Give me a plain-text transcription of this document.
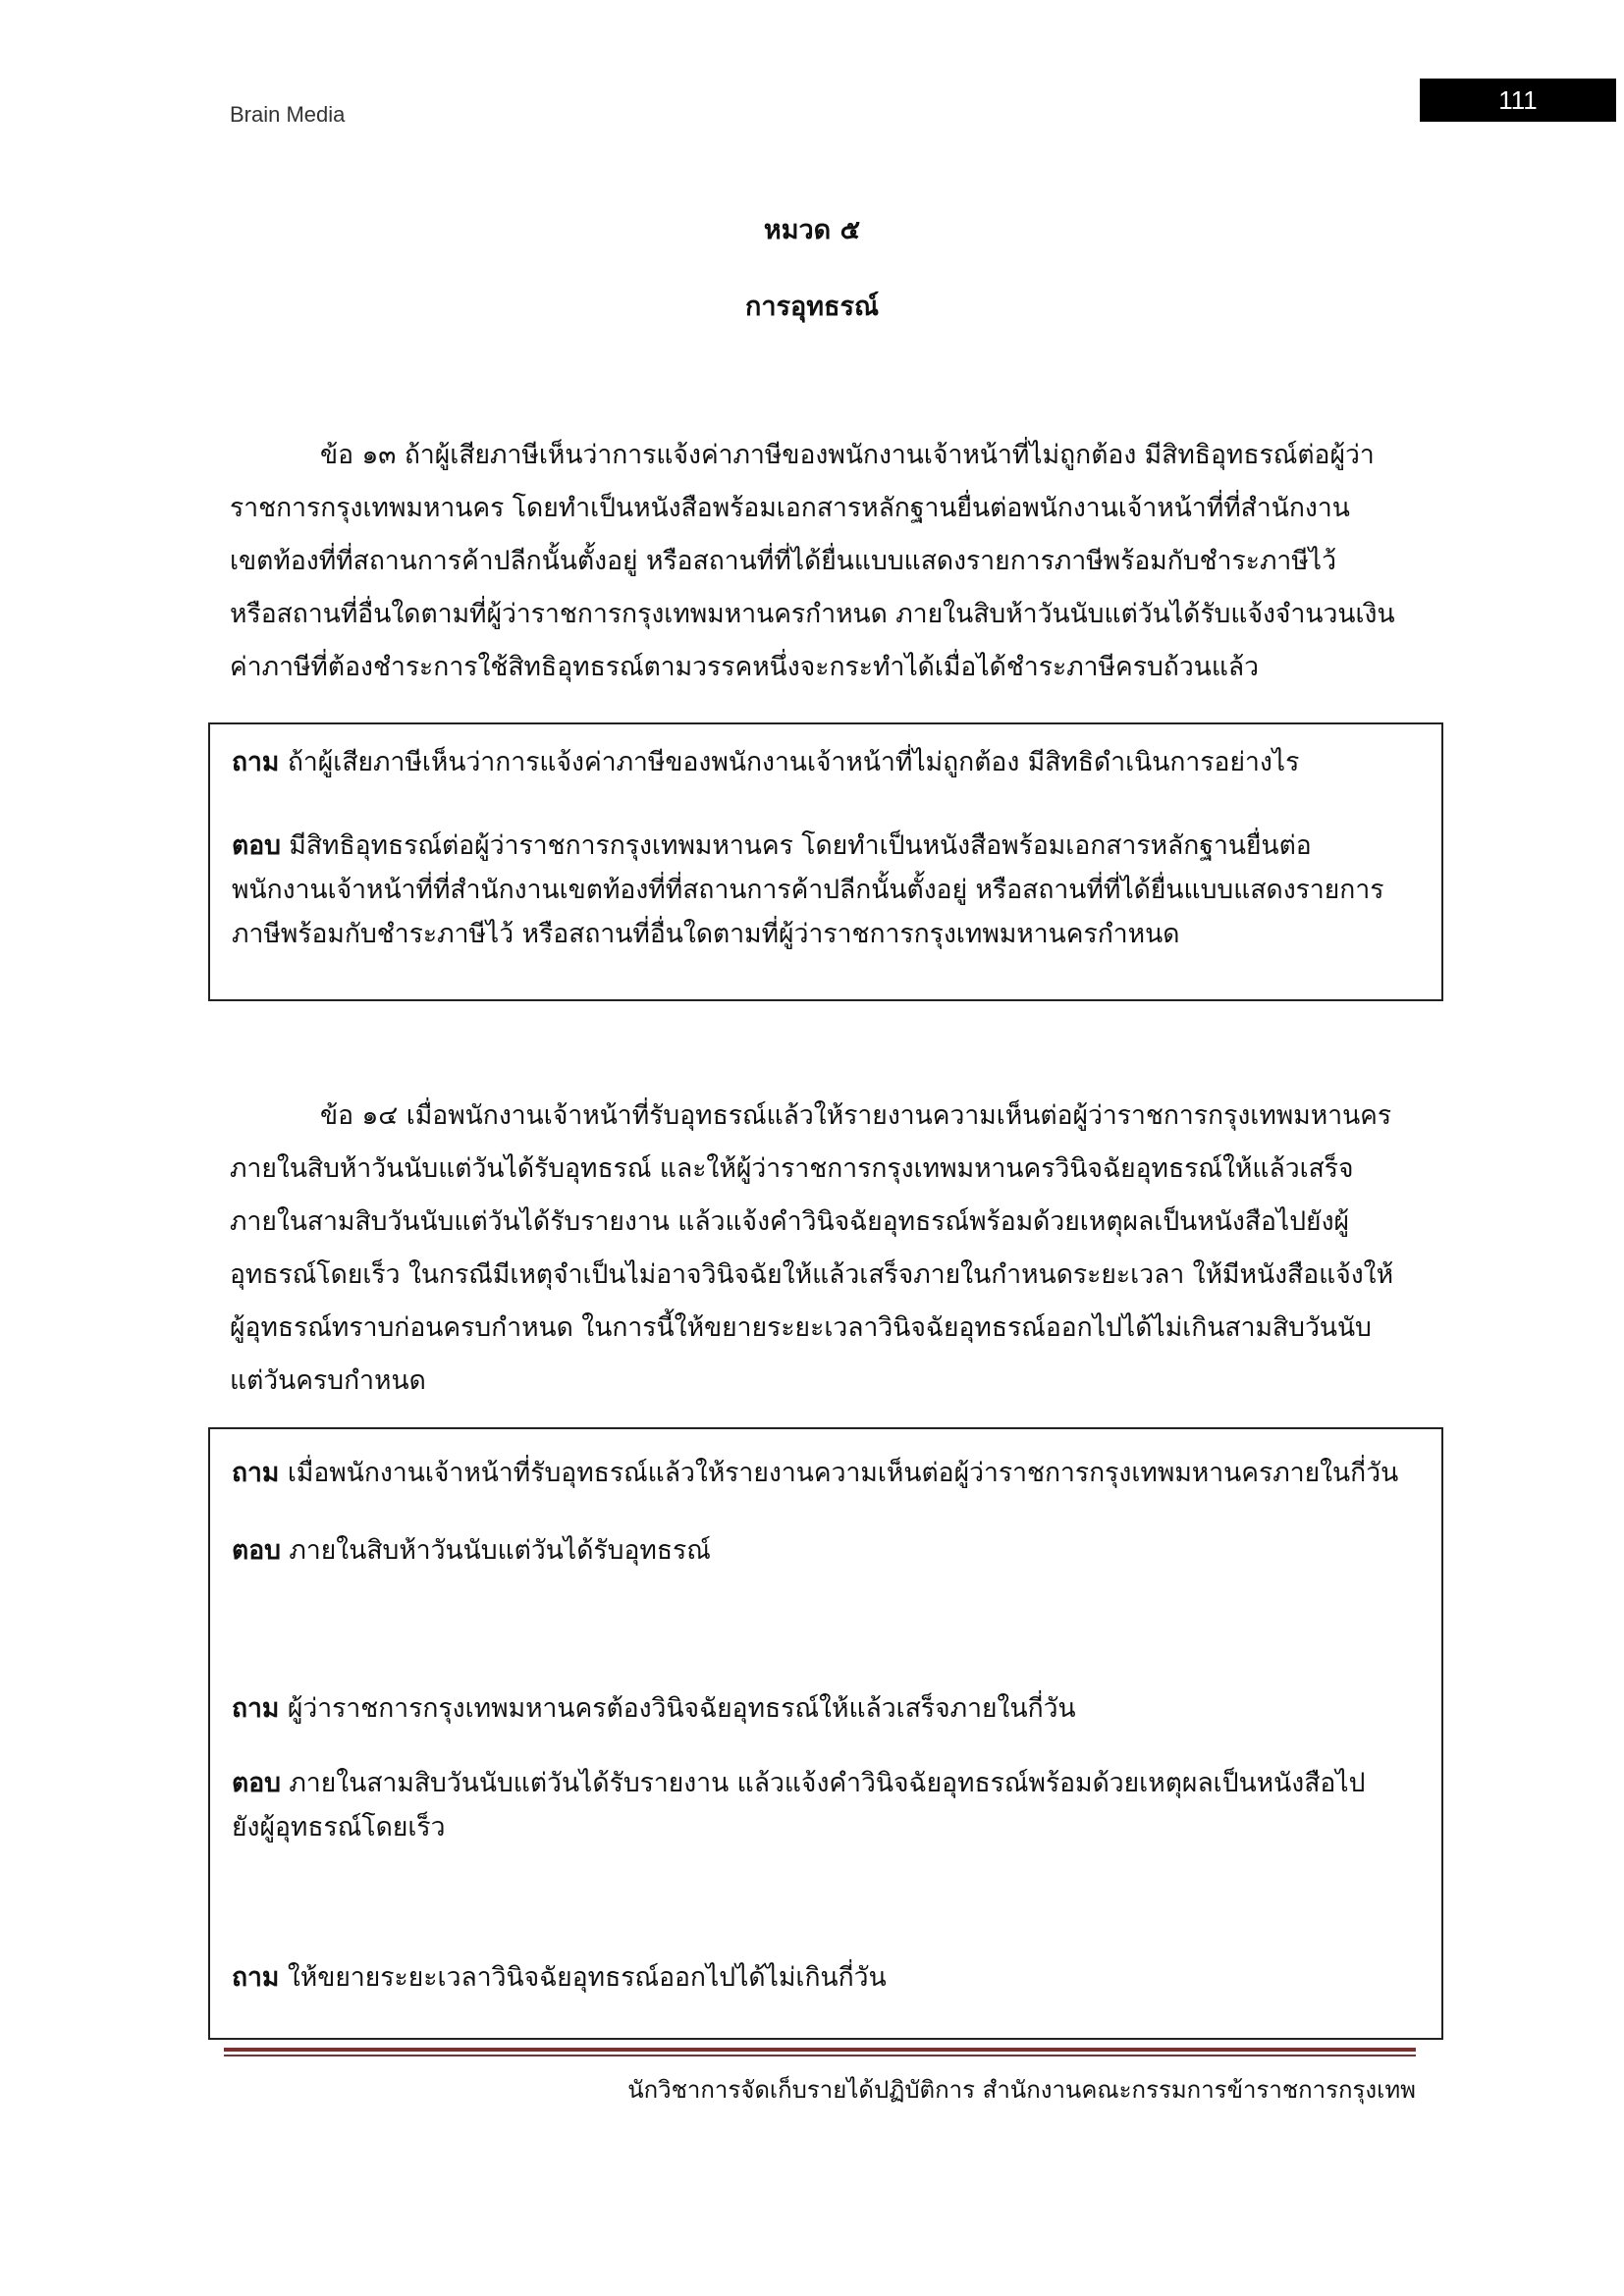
Brain Media	111
หมวด ๕
การอุทธรณ์
ข้อ ๑๓ ถ้าผู้เสียภาษีเห็นว่าการแจ้งค่าภาษีของพนักงานเจ้าหน้าที่ไม่ถูกต้อง มีสิทธิอุทธรณ์ต่อผู้ว่า
ราชการกรุงเทพมหานคร โดยทำเป็นหนังสือพร้อมเอกสารหลักฐานยื่นต่อพนักงานเจ้าหน้าที่ที่สำนักงาน
เขตท้องที่ที่สถานการค้าปลีกนั้นตั้งอยู่ หรือสถานที่ที่ได้ยื่นแบบแสดงรายการภาษีพร้อมกับชำระภาษีไว้
หรือสถานที่อื่นใดตามที่ผู้ว่าราชการกรุงเทพมหานครกำหนด ภายในสิบห้าวันนับแต่วันได้รับแจ้งจำนวนเงิน
ค่าภาษีที่ต้องชำระการใช้สิทธิอุทธรณ์ตามวรรคหนึ่งจะกระทำได้เมื่อได้ชำระภาษีครบถ้วนแล้ว
ถาม ถ้าผู้เสียภาษีเห็นว่าการแจ้งค่าภาษีของพนักงานเจ้าหน้าที่ไม่ถูกต้อง มีสิทธิดำเนินการอย่างไร
ตอบ มีสิทธิอุทธรณ์ต่อผู้ว่าราชการกรุงเทพมหานคร โดยทำเป็นหนังสือพร้อมเอกสารหลักฐานยื่นต่อ
พนักงานเจ้าหน้าที่ที่สำนักงานเขตท้องที่ที่สถานการค้าปลีกนั้นตั้งอยู่ หรือสถานที่ที่ได้ยื่นแบบแสดงรายการ
ภาษีพร้อมกับชำระภาษีไว้ หรือสถานที่อื่นใดตามที่ผู้ว่าราชการกรุงเทพมหานครกำหนด
ข้อ ๑๔ เมื่อพนักงานเจ้าหน้าที่รับอุทธรณ์แล้วให้รายงานความเห็นต่อผู้ว่าราชการกรุงเทพมหานคร
ภายในสิบห้าวันนับแต่วันได้รับอุทธรณ์ และให้ผู้ว่าราชการกรุงเทพมหานครวินิจฉัยอุทธรณ์ให้แล้วเสร็จ
ภายในสามสิบวันนับแต่วันได้รับรายงาน แล้วแจ้งคำวินิจฉัยอุทธรณ์พร้อมด้วยเหตุผลเป็นหนังสือไปยังผู้
อุทธรณ์โดยเร็ว ในกรณีมีเหตุจำเป็นไม่อาจวินิจฉัยให้แล้วเสร็จภายในกำหนดระยะเวลา ให้มีหนังสือแจ้งให้
ผู้อุทธรณ์ทราบก่อนครบกำหนด ในการนี้ให้ขยายระยะเวลาวินิจฉัยอุทธรณ์ออกไปได้ไม่เกินสามสิบวันนับ
แต่วันครบกำหนด
ถาม เมื่อพนักงานเจ้าหน้าที่รับอุทธรณ์แล้วให้รายงานความเห็นต่อผู้ว่าราชการกรุงเทพมหานครภายในกี่วัน
ตอบ ภายในสิบห้าวันนับแต่วันได้รับอุทธรณ์
ถาม ผู้ว่าราชการกรุงเทพมหานครต้องวินิจฉัยอุทธรณ์ให้แล้วเสร็จภายในกี่วัน
ตอบ ภายในสามสิบวันนับแต่วันได้รับรายงาน แล้วแจ้งคำวินิจฉัยอุทธรณ์พร้อมด้วยเหตุผลเป็นหนังสือไป
ยังผู้อุทธรณ์โดยเร็ว
ถาม ให้ขยายระยะเวลาวินิจฉัยอุทธรณ์ออกไปได้ไม่เกินกี่วัน
นักวิชาการจัดเก็บรายได้ปฏิบัติการ สำนักงานคณะกรรมการข้าราชการกรุงเทพ
